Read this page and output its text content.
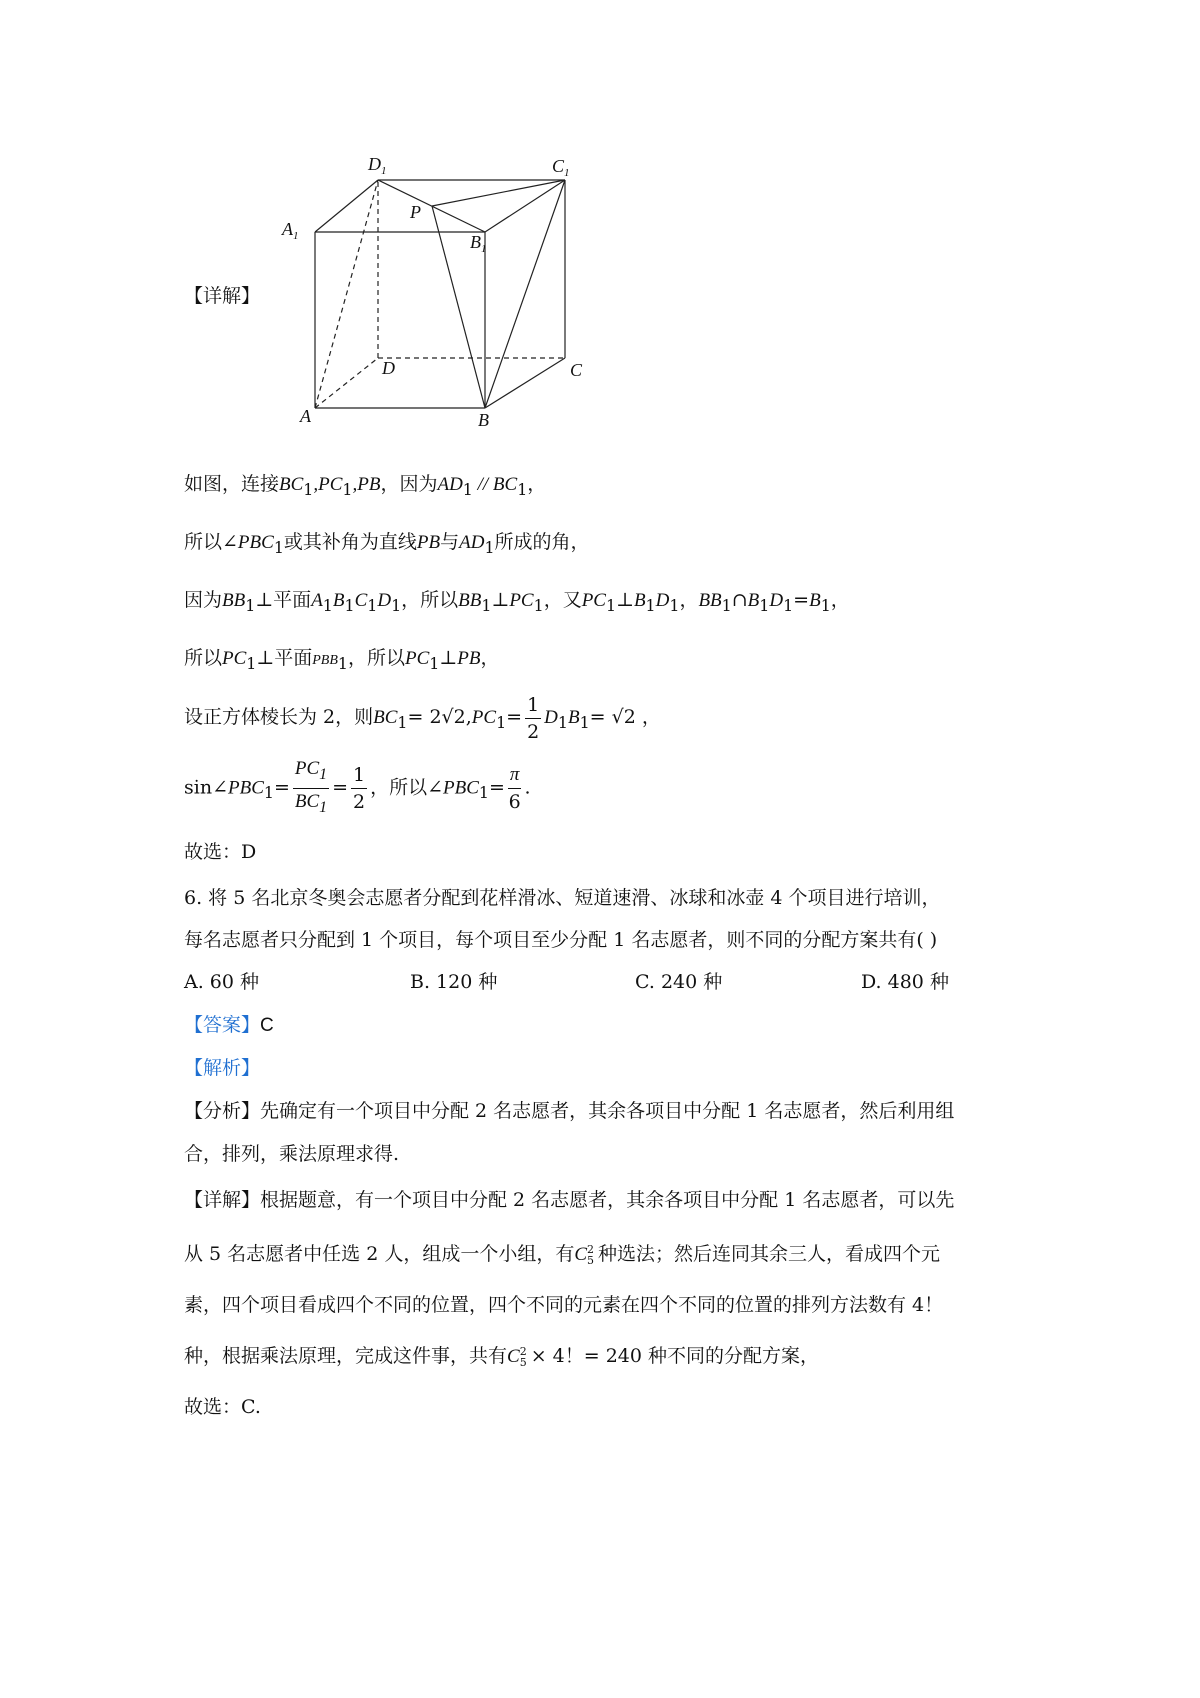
【详解】
$D_1$	$C_1$
$A_1$	$B_1$
P
D	C
A	B
如图，连接$BC_1,PC_1,PB$，因为$AD_1 // BC_1$，
所以$\angle PBC_1$或其补角为直线PB与$AD_1$所成的角，
因为$BB_1\perp$平面$A_1B_1C_1D_1$，所以$BB_1\perp PC_1$，又$PC_1\perp B_1D_1$，$BB_1\cap B_1D_1=B_1$，
所以$PC_1\perp$平面$PBB_1$，所以$PC_1\perp PB$，
设正方体棱长为 2，则$BC_1= 2√2,PC_1= \frac{1}{2} D_1B_1= √2$ ，
$\sin\angle PBC_1= \frac{PC_1}{BC_1} = \frac{1}{2}$ ，所以$\angle PBC_1= \frac{\pi}{6}$ .
故选：D
6. 将 5 名北京冬奥会志愿者分配到花样滑冰、短道速滑、冰球和冰壶 4 个项目进行培训，
每名志愿者只分配到 1 个项目，每个项目至少分配 1 名志愿者，则不同的分配方案共有( )
A. 60 种	B. 120 种	C. 240 种	D. 480 种
【答案】C
【解析】
【分析】先确定有一个项目中分配 2 名志愿者，其余各项目中分配 1 名志愿者，然后利用组
合，排列，乘法原理求得.
【详解】根据题意，有一个项目中分配 2 名志愿者，其余各项目中分配 1 名志愿者，可以先
从 5 名志愿者中任选 2 人，组成一个小组，有C 2
5 种选法；然后连同其余三人，看成四个元
素，四个项目看成四个不同的位置，四个不同的元素在四个不同的位置的排列方法数有 4！
种，根据乘法原理，完成这件事，共有C 2
5 × 4！= 240 种不同的分配方案，
故选：C.
